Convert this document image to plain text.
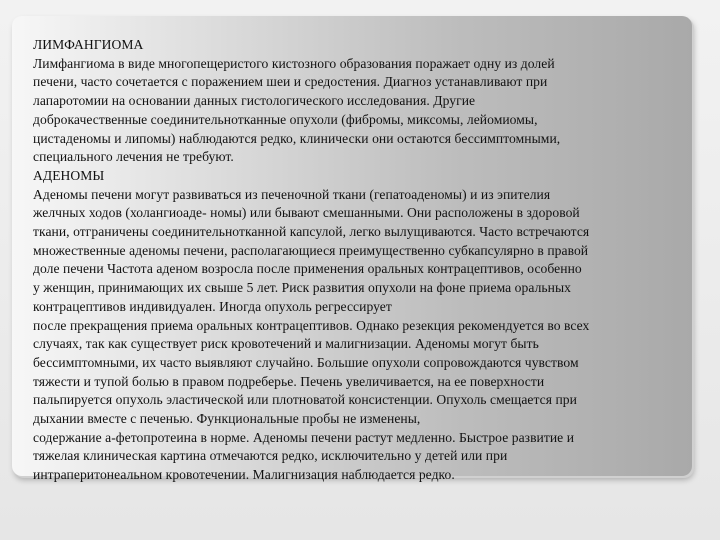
ЛИМФАНГИОМА
Лимфангиома в виде многопещеристого кистозного образования поражает одну из долей
печени, часто сочетается с поражением шеи и средостения. Диагноз устанавливают при
лапаротомии на основании данных гистологического исследования. Другие
доброкачественные соединительнотканные опухоли (фибромы, миксомы, лейомиомы,
цистаденомы и липомы) наблюдаются редко, клинически они остаются бессимптомными,
специального лечения не требуют.
АДЕНОМЫ
Аденомы печени могут развиваться из печеночной ткани (гепатоаденомы) и из эпителия
желчных ходов (холангиоаде- номы) или бывают смешанными. Они расположены в здоровой
ткани, отграничены соединительнотканной капсулой, легко вылущиваются. Часто встречаются
множественные аденомы печени, располагающиеся преимущественно субкапсулярно в правой
доле печени Частота аденом возросла после применения оральных контрацептивов, особенно
у женщин, принимающих их свыше 5 лет. Риск развития опухоли на фоне приема оральных
контрацептивов индивидуален. Иногда опухоль регрессирует
после прекращения приема оральных контрацептивов. Однако резекция рекомендуется во всех
случаях, так как существует риск кровотечений и малигнизации. Аденомы могут быть
бессимптомными, их часто выявляют случайно. Большие опухоли сопровождаются чувством
тяжести и тупой болью в правом подреберье. Печень увеличивается, на ее поверхности
пальпируется опухоль эластической или плотноватой консистенции. Опухоль смещается при
дыхании вместе с печенью. Функциональные пробы не изменены,
содержание a-фетопротеина в норме. Аденомы печени растут медленно. Быстрое развитие и
тяжелая клиническая картина отмечаются редко, исключительно у детей или при
интраперитонеальном кровотечении. Малигнизация наблюдается редко.
